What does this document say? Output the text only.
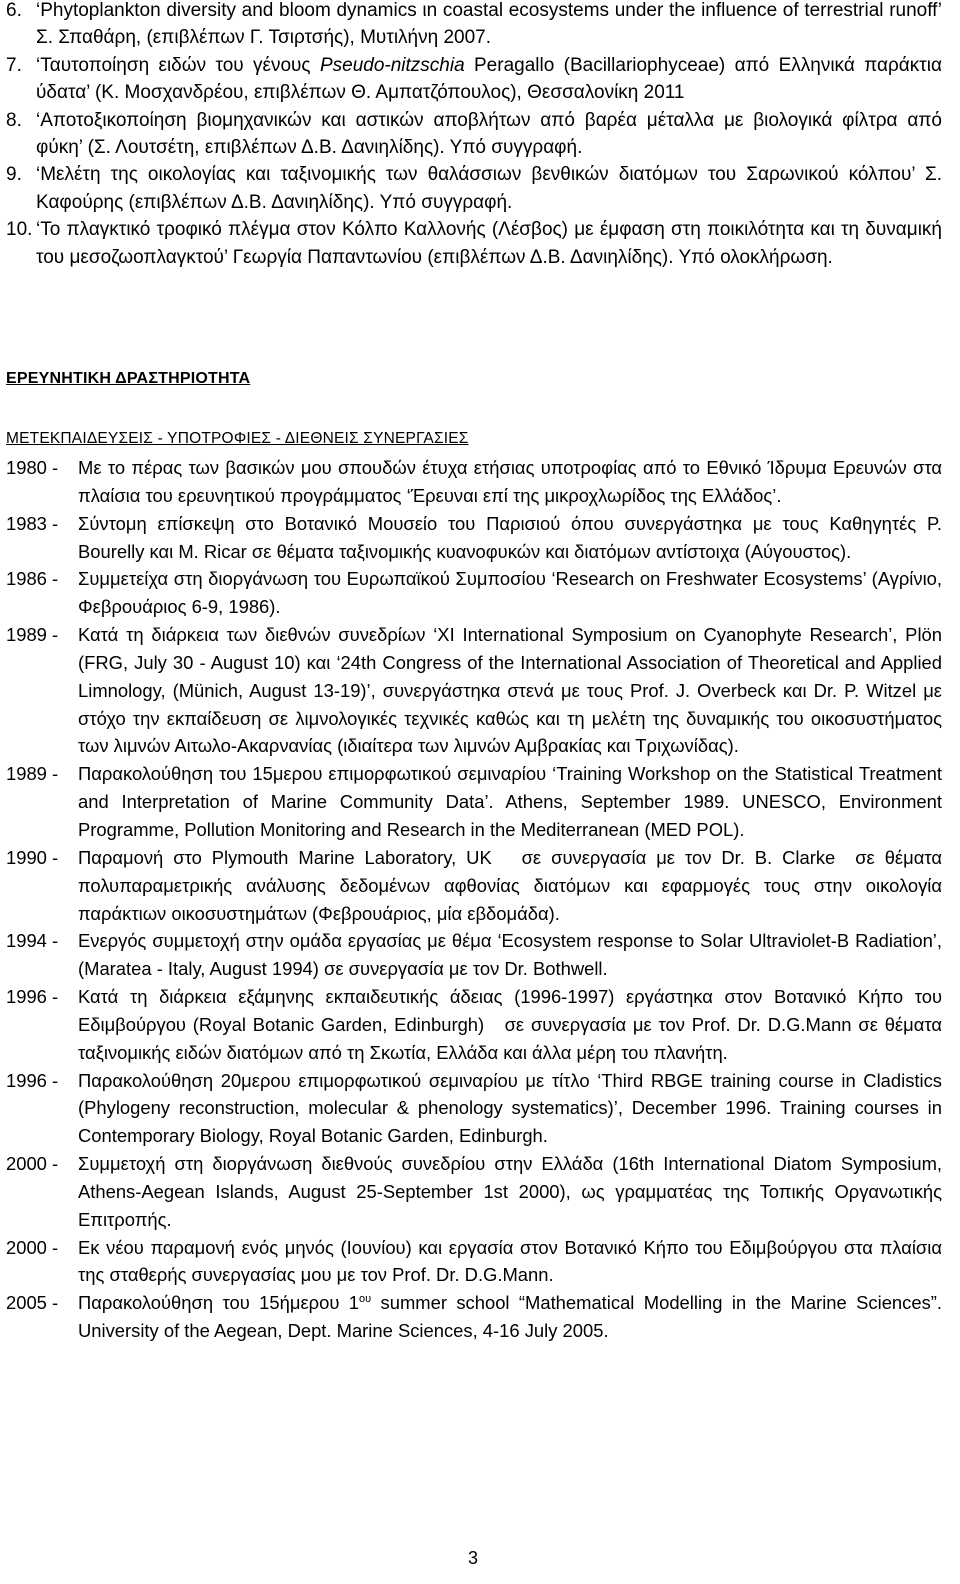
6. ‘Phytoplankton diversity and bloom dynamics ιn coastal ecosystems under the influence of terrestrial runoff’ Σ. Σπαθάρη, (επιβλέπων Γ. Τσιρτσής), Μυτιλήνη 2007.
7. ‘Ταυτοποίηση ειδών του γένους Pseudo‑nitzschia Peragallo (Bacillariophyceae) από Ελληνικά παράκτια ύδατα’ (Κ. Μοσχανδρέου, επιβλέπων Θ. Αμπατζόπουλος), Θεσσαλονίκη 2011
8. ‘Αποτοξικοποίηση βιομηχανικών και αστικών αποβλήτων από βαρέα μέταλλα με βιολογικά φίλτρα από φύκη’ (Σ. Λουτσέτη, επιβλέπων Δ.Β. Δανιηλίδης). Υπό συγγραφή.
9. ‘Μελέτη της οικολογίας και ταξινομικής των θαλάσσιων βενθικών διατόμων του Σαρωνικού κόλπου’ Σ. Καφούρης (επιβλέπων Δ.Β. Δανιηλίδης). Υπό συγγραφή.
10. ‘Το πλαγκτικό τροφικό πλέγμα στον Κόλπο Καλλονής (Λέσβος) με έμφαση στη ποικιλότητα και τη δυναμική του μεσοζωοπλαγκτού’ Γεωργία Παπαντωνίου (επιβλέπων Δ.Β. Δανιηλίδης). Υπό ολοκλήρωση.
ΕΡΕΥΝΗΤΙΚΗ ΔΡΑΣΤΗΡΙΟΤΗΤΑ
ΜΕΤΕΚΠΑΙΔΕΥΣΕΙΣ - ΥΠΟΤΡΟΦΙΕΣ - ΔΙΕΘΝΕΙΣ ΣΥΝΕΡΓΑΣΙΕΣ
1980 -	Με το πέρας των βασικών μου σπουδών έτυχα ετήσιας υποτροφίας από το Εθνικό Ίδρυμα Ερευνών στα πλαίσια του ερευνητικού προγράμματος ‘Έρευναι επί της μικροχλωρίδος της Ελλάδος’.
1983 -	Σύντομη επίσκεψη στο Βοτανικό Μουσείο του Παρισιού όπου συνεργάστηκα με τους Καθηγητές P. Bourelly και M. Ricar σε θέματα ταξινομικής κυανοφυκών και διατόμων αντίστοιχα (Αύγουστος).
1986 -	Συμμετείχα στη διοργάνωση του Ευρωπαϊκού Συμποσίου ‘Research on Freshwater Ecosystems’ (Αγρίνιο, Φεβρουάριος 6‑9, 1986).
1989 -	Κατά τη διάρκεια των διεθνών συνεδρίων ‘XI International Symposium on Cyanophyte Research’, Plön (FRG, July 30 ‑ August 10) και ‘24th Congress of the International Association of Theoretical and Applied Limnology, (Münich, August 13‑19)’, συνεργάστηκα στενά με τους Prof. J. Overbeck και Dr. P. Witzel με στόχο την εκπαίδευση σε λιμνολογικές τεχνικές καθώς και τη μελέτη της δυναμικής του οικοσυστήματος των λιμνών Αιτωλο‑Ακαρνανίας (ιδιαίτερα των λιμνών Αμβρακίας και Τριχωνίδας).
1989 -	Παρακολούθηση του 15μερου επιμορφωτικού σεμιναρίου ‘Training Workshop on the Statistical Treatment and Interpretation of Marine Community Data’. Athens, September 1989. UNESCO, Environment Programme, Pollution Monitoring and Research in the Mediterranean (MED POL).
1990 -	Παραμονή στο Plymouth Marine Laboratory, UK   σε συνεργασία με τον Dr. B. Clarke  σε θέματα πολυπαραμετρικής ανάλυσης δεδομένων αφθονίας διατόμων και εφαρμογές τους στην οικολογία παράκτιων οικοσυστημάτων (Φεβρουάριος, μία εβδομάδα).
1994 -	Ενεργός συμμετοχή στην ομάδα εργασίας με θέμα ‘Ecosystem response to Solar Ultraviolet‑B Radiation’, (Maratea ‑ Italy, August 1994) σε συνεργασία με τον Dr. Bothwell.
1996 -	Κατά τη διάρκεια εξάμηνης εκπαιδευτικής άδειας (1996‑1997) εργάστηκα στον Βοτανικό Κήπο του Εδιμβούργου (Royal Botanic Garden, Edinburgh)   σε συνεργασία με τον Prof. Dr. D.G.Mann σε θέματα ταξινομικής ειδών διατόμων από τη Σκωτία, Ελλάδα και άλλα μέρη του πλανήτη.
1996 -	Παρακολούθηση 20μερου επιμορφωτικού σεμιναρίου με τίτλο ‘Third RBGE training course in Cladistics (Phylogeny reconstruction, molecular & phenology systematics)’, December 1996. Training courses in Contemporary Biology, Royal Botanic Garden, Edinburgh.
2000 -	Συμμετοχή στη διοργάνωση διεθνούς συνεδρίου στην Ελλάδα (16th International Diatom Symposium, Athens‑Aegean Islands, August 25‑September 1st 2000), ως γραμματέας της Τοπικής Οργανωτικής Επιτροπής.
2000 -	Εκ νέου παραμονή ενός μηνός (Ιουνίου) και εργασία στον Βοτανικό Κήπο του Εδιμβούργου στα πλαίσια της σταθερής συνεργασίας μου με τον Prof. Dr. D.G.Mann.
2005 -	Παρακολούθηση του 15ήμερου $1^{o\upsilon}$ summer school “Mathematical Modelling in the Marine Sciences”. University of the Aegean, Dept. Marine Sciences, 4‑16 July 2005.
3
